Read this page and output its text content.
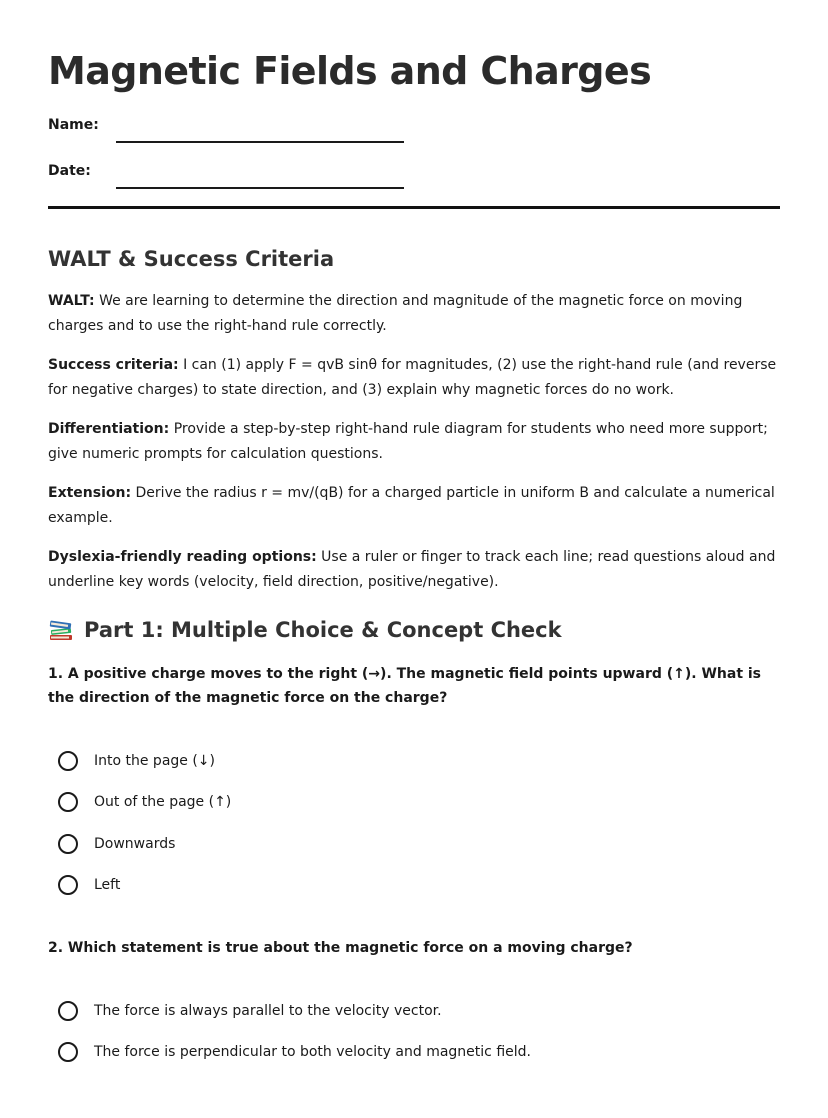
Magnetic Fields and Charges
Name:
Date:
WALT & Success Criteria

WALT: We are learning to determine the direction and magnitude of the magnetic force on moving charges and to use the right-hand rule correctly.

Success criteria: I can (1) apply F = qvB sinθ for magnitudes, (2) use the right-hand rule (and reverse for negative charges) to state direction, and (3) explain why magnetic forces do no work.

Differentiation: Provide a step-by-step right-hand rule diagram for students who need more support; give numeric prompts for calculation questions.

Extension: Derive the radius r = mv/(qB) for a charged particle in uniform B and calculate a numerical example.

Dyslexia-friendly reading options: Use a ruler or finger to track each line; read questions aloud and underline key words (velocity, field direction, positive/negative).

Part 1: Multiple Choice & Concept Check

1. A positive charge moves to the right (→). The magnetic field points upward (↑). What is the direction of the magnetic force on the charge?

Into the page (↓)
Out of the page (↑)
Downwards
Left

2. Which statement is true about the magnetic force on a moving charge?

The force is always parallel to the velocity vector.
The force is perpendicular to both velocity and magnetic field.
